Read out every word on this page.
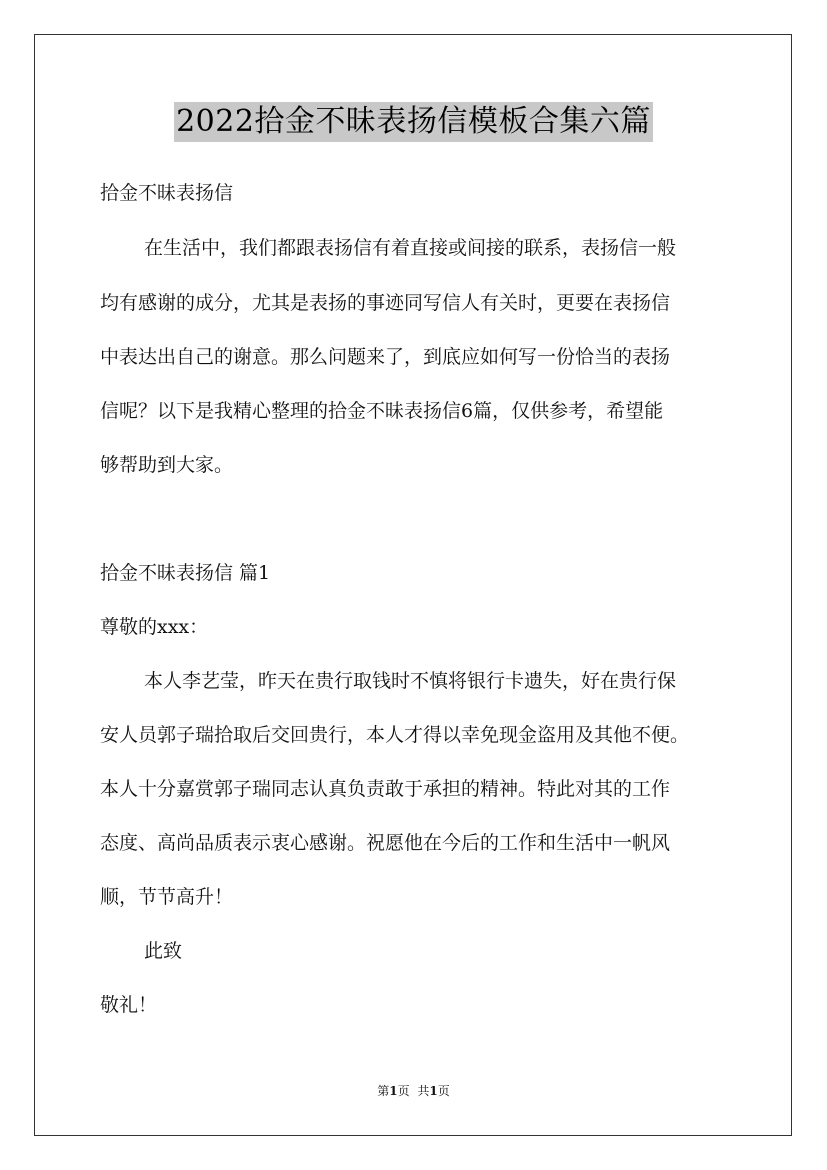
2022拾金不昧表扬信模板合集六篇
拾金不昧表扬信
在生活中，我们都跟表扬信有着直接或间接的联系，表扬信一般
均有感谢的成分，尤其是表扬的事迹同写信人有关时，更要在表扬信
中表达出自己的谢意。那么问题来了，到底应如何写一份恰当的表扬
信呢？以下是我精心整理的拾金不昧表扬信6篇，仅供参考，希望能
够帮助到大家。
拾金不昧表扬信 篇1
尊敬的xxx：
本人李艺莹，昨天在贵行取钱时不慎将银行卡遗失，好在贵行保
安人员郭子瑞拾取后交回贵行，本人才得以幸免现金盗用及其他不便。
本人十分嘉赏郭子瑞同志认真负责敢于承担的精神。特此对其的工作
态度、高尚品质表示衷心感谢。祝愿他在今后的工作和生活中一帆风
顺，节节高升！
此致
敬礼！
第1页 共1页
